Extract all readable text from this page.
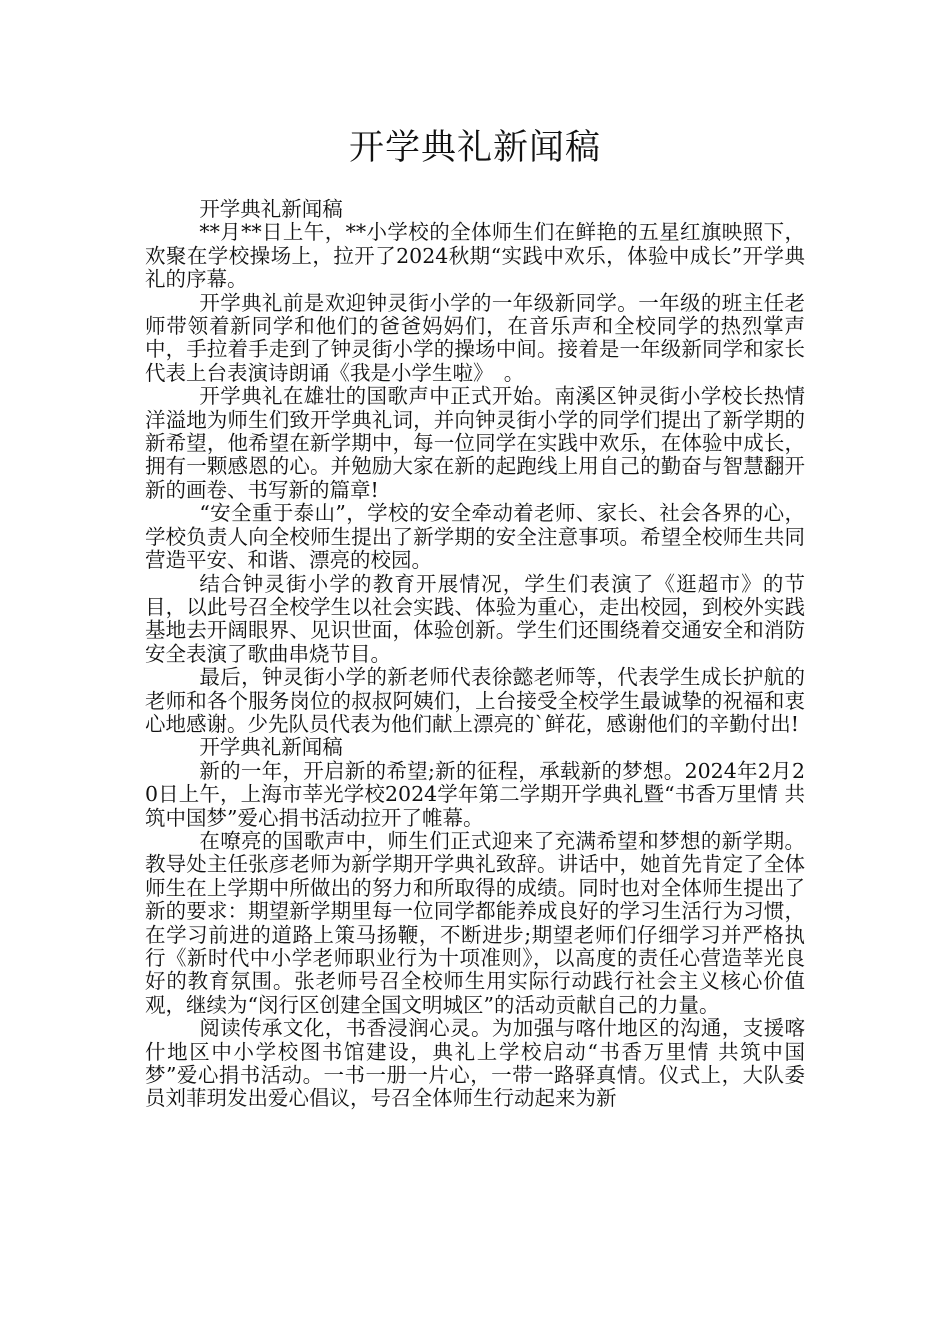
开学典礼新闻稿

开学典礼新闻稿

**月**日上午，**小学校的全体师生们在鲜艳的五星红旗映照下，欢聚在学校操场上，拉开了2024秋期“实践中欢乐，体验中成长”开学典礼的序幕。

开学典礼前是欢迎钟灵街小学的一年级新同学。一年级的班主任老师带领着新同学和他们的爸爸妈妈们，在音乐声和全校同学的热烈掌声中，手拉着手走到了钟灵街小学的操场中间。接着是一年级新同学和家长代表上台表演诗朗诵《我是小学生啦》　。

开学典礼在雄壮的国歌声中正式开始。南溪区钟灵街小学校长热情洋溢地为师生们致开学典礼词，并向钟灵街小学的同学们提出了新学期的新希望，他希望在新学期中，每一位同学在实践中欢乐，在体验中成长，拥有一颗感恩的心。并勉励大家在新的起跑线上用自己的勤奋与智慧翻开新的画卷、书写新的篇章!

“安全重于泰山”，学校的安全牵动着老师、家长、社会各界的心，学校负责人向全校师生提出了新学期的安全注意事项。希望全校师生共同营造平安、和谐、漂亮的校园。

结合钟灵街小学的教育开展情况，学生们表演了《逛超市》的节目，以此号召全校学生以社会实践、体验为重心，走出校园，到校外实践基地去开阔眼界、见识世面，体验创新。学生们还围绕着交通安全和消防安全表演了歌曲串烧节目。

最后，钟灵街小学的新老师代表徐懿老师等，代表学生成长护航的老师和各个服务岗位的叔叔阿姨们，上台接受全校学生最诚挚的祝福和衷心地感谢。少先队员代表为他们献上漂亮的`鲜花，感谢他们的辛勤付出!

开学典礼新闻稿

新的一年，开启新的希望;新的征程，承载新的梦想。2024年2月20日上午，上海市莘光学校2024学年第二学期开学典礼暨“书香万里情 共筑中国梦”爱心捐书活动拉开了帷幕。

在嘹亮的国歌声中，师生们正式迎来了充满希望和梦想的新学期。教导处主任张彦老师为新学期开学典礼致辞。讲话中，她首先肯定了全体师生在上学期中所做出的努力和所取得的成绩。同时也对全体师生提出了新的要求：期望新学期里每一位同学都能养成良好的学习生活行为习惯，在学习前进的道路上策马扬鞭，不断进步;期望老师们仔细学习并严格执行《新时代中小学老师职业行为十项准则》，以高度的责任心营造莘光良好的教育氛围。张老师号召全校师生用实际行动践行社会主义核心价值观，继续为“闵行区创建全国文明城区”的活动贡献自己的力量。

阅读传承文化，书香浸润心灵。为加强与喀什地区的沟通，支援喀什地区中小学校图书馆建设，典礼上学校启动“书香万里情 共筑中国梦”爱心捐书活动。一书一册一片心，一带一路驿真情。仪式上，大队委员刘菲玥发出爱心倡议，号召全体师生行动起来为新
